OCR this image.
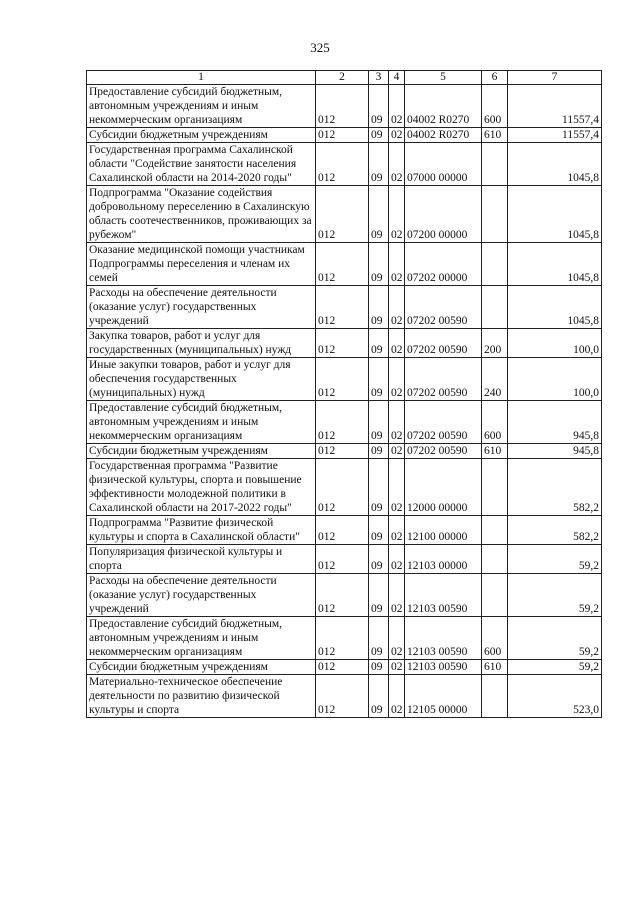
325
1	2	3	4	5	6	7
Предоставление субсидий бюджетным, автономным учреждениям и иным некоммерческим организациям	012	09	02	04002 R0270	600	11557,4
Субсидии бюджетным учреждениям	012	09	02	04002 R0270	610	11557,4
Государственная программа Сахалинской области "Содействие занятости населения Сахалинской области на 2014-2020 годы"	012	09	02	07000 00000		1045,8
Подпрограмма "Оказание содействия добровольному переселению в Сахалинскую область соотечественников, проживающих за рубежом"	012	09	02	07200 00000		1045,8
Оказание медицинской помощи участникам Подпрограммы переселения и членам их семей	012	09	02	07202 00000		1045,8
Расходы на обеспечение деятельности (оказание услуг) государственных учреждений	012	09	02	07202 00590		1045,8
Закупка товаров, работ и услуг для государственных (муниципальных) нужд	012	09	02	07202 00590	200	100,0
Иные закупки товаров, работ и услуг для обеспечения государственных (муниципальных) нужд	012	09	02	07202 00590	240	100,0
Предоставление субсидий бюджетным, автономным учреждениям и иным некоммерческим организациям	012	09	02	07202 00590	600	945,8
Субсидии бюджетным учреждениям	012	09	02	07202 00590	610	945,8
Государственная программа "Развитие физической культуры, спорта и повышение эффективности молодежной политики в Сахалинской области на 2017-2022 годы"	012	09	02	12000 00000		582,2
Подпрограмма "Развитие физической культуры и спорта в Сахалинской области"	012	09	02	12100 00000		582,2
Популяризация физической культуры и спорта	012	09	02	12103 00000		59,2
Расходы на обеспечение деятельности (оказание услуг) государственных учреждений	012	09	02	12103 00590		59,2
Предоставление субсидий бюджетным, автономным учреждениям и иным некоммерческим организациям	012	09	02	12103 00590	600	59,2
Субсидии бюджетным учреждениям	012	09	02	12103 00590	610	59,2
Материально-техническое обеспечение деятельности по развитию физической культуры и спорта	012	09	02	12105 00000		523,0
